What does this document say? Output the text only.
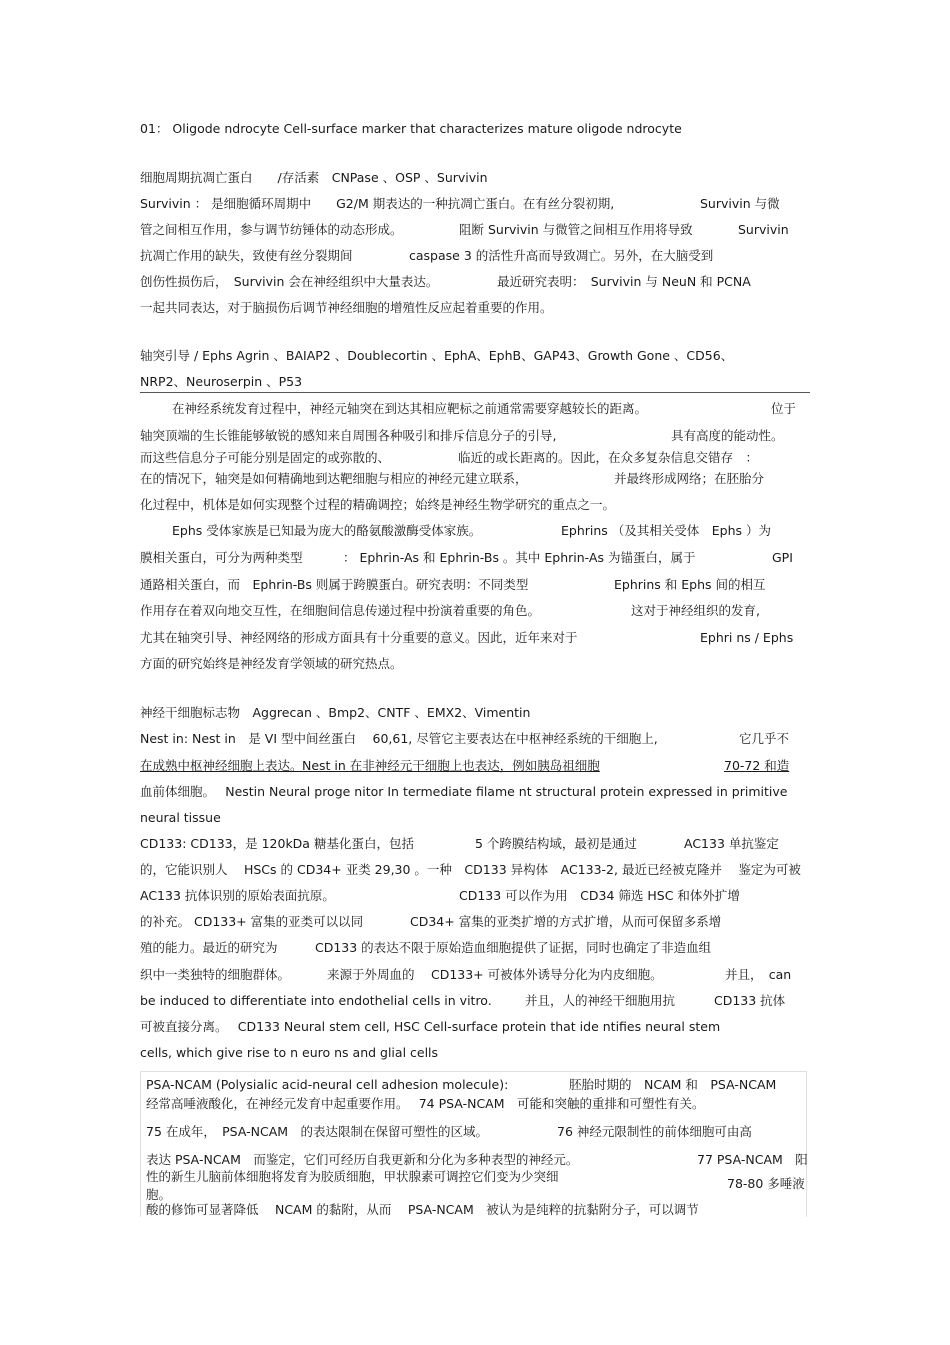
01： Oligode ndrocyte Cell-surface marker that characterizes mature oligode ndrocyte
细胞周期抗凋亡蛋白　　/存活素　CNPase 、OSP 、Survivin
Survivin ： 是细胞循环周期中　　G2/M 期表达的一种抗凋亡蛋白。在有丝分裂初期,	Survivin 与微
管之间相互作用，参与调节纺锤体的动态形成。	阻断 Survivin 与微管之间相互作用将导致	Survivin
抗凋亡作用的缺失，致使有丝分裂期间	caspase 3 的活性升高而导致凋亡。另外，在大脑受到
创伤性损伤后，　Survivin 会在神经组织中大量表达。	最近研究表明：　Survivin 与 NeuN 和 PCNA
一起共同表达，对于脑损伤后调节神经细胞的增殖性反应起着重要的作用。
轴突引导 / Ephs Agrin 、BAIAP2 、Doublecortin 、EphA、EphB、GAP43、Growth Gone 、CD56、
NRP2、Neuroserpin 、P53
在神经系统发育过程中，神经元轴突在到达其相应靶标之前通常需要穿越较长的距离。	位于
轴突顶端的生长锥能够敏锐的感知来自周围各种吸引和排斥信息分子的引导,	具有高度的能动性。
而这些信息分子可能分别是固定的或弥散的、	临近的或长距离的。因此，在众多复杂信息交错存　：
在的情况下，轴突是如何精确地到达靶细胞与相应的神经元建立联系，	并最终形成网络；在胚胎分
化过程中，机体是如何实现整个过程的精确调控；始终是神经生物学研究的重点之一。
Ephs 受体家族是已知最为庞大的酪氨酸激酶受体家族。	Ephrins （及其相关受体　Ephs ）为
膜相关蛋白，可分为两种类型	： Ephrin-As 和 Ephrin-Bs 。其中 Ephrin-As 为锚蛋白，属于	GPI
通路相关蛋白，而　Ephrin-Bs 则属于跨膜蛋白。研究表明：不同类型	Ephrins 和 Ephs 间的相互
作用存在着双向地交互性，在细胞间信息传递过程中扮演着重要的角色。	这对于神经组织的发育,
尤其在轴突引导、神经网络的形成方面具有十分重要的意义。因此，近年来对于	Ephri ns / Ephs
方面的研究始终是神经发育学领域的研究热点。
神经干细胞标志物　Aggrecan 、Bmp2、CNTF 、EMX2、Vimentin
Nest in: Nest in　是 VI 型中间丝蛋白　 60,61, 尽管它主要表达在中枢神经系统的干细胞上,	它几乎不
在成熟中枢神经细胞上表达。 Nest in 在非神经元干细胞上也表达，例如胰岛祖细胞	70-72 和造
血前体细胞。　 Nestin Neural proge nitor In termediate filame nt structural protein expressed in primitive
neural tissue
CD133: CD133，是 120kDa 糖基化蛋白，包括	5 个跨膜结构域，最初是通过	AC133 单抗鉴定
的，它能识别人　 HSCs 的 CD34+ 亚类 29,30 。一种　CD133 异构体　AC133-2, 最近已经被克隆并　 鉴定为可被
AC133 抗体识别的原始表面抗原。	CD133 可以作为用　CD34 筛选 HSC 和体外扩增
的补充。 CD133+ 富集的亚类可以以同	CD34+ 富集的亚类扩增的方式扩增，从而可保留多系增
殖的能力。最近的研究为	CD133 的表达不限于原始造血细胞提供了证据，同时也确定了非造血组
织中一类独特的细胞群体。	来源于外周血的　 CD133+ 可被体外诱导分化为内皮细胞。	并且，　can
be induced to differentiate into endothelial cells in vitro.	并且，人的神经干细胞用抗	CD133 抗体
可被直接分离。　 CD133 Neural stem cell, HSC Cell-surface protein that ide ntifies neural stem
cells, which give rise to n euro ns and glial cells
PSA-NCAM (Polysialic acid-neural cell adhesion molecule):	胚胎时期的　NCAM 和　PSA-NCAM
经常高唾液酸化，在神经元发育中起重要作用。　 74 PSA-NCAM　可能和突触的重排和可塑性有关。
75 在成年，　PSA-NCAM　的表达限制在保留可塑性的区域。	76 神经元限制性的前体细胞可由高
表达 PSA-NCAM　而鉴定，它们可经历自我更新和分化为多种表型的神经元。	77 PSA-NCAM　阳
性的新生儿脑前体细胞将发育为胶质细胞，甲状腺素可调控它们变为少突细	78-80 多唾液
胞。
酸的修饰可显著降低　 NCAM 的黏附，从而　 PSA-NCAM　被认为是纯粹的抗黏附分子，可以调节
